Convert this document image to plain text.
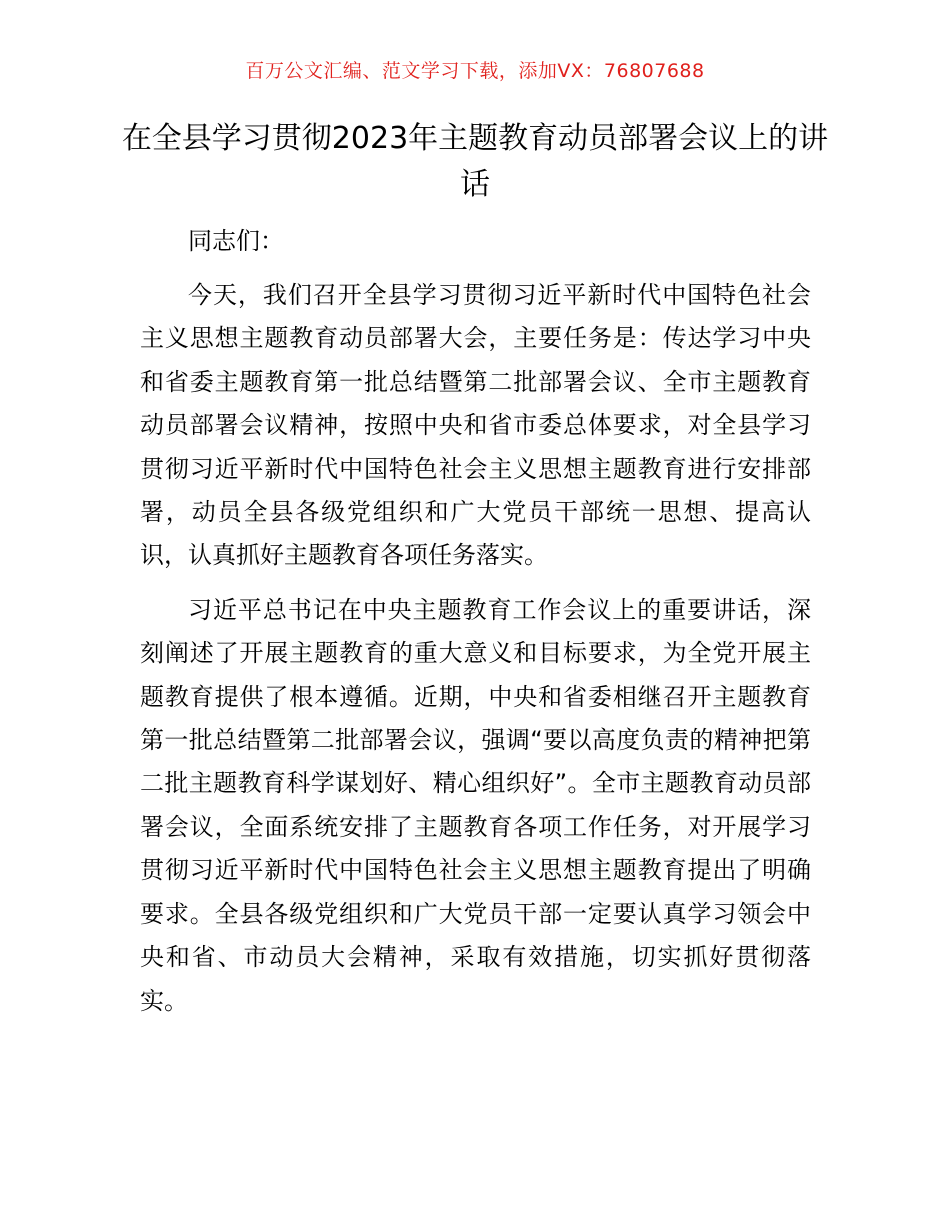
百万公文汇编、范文学习下载，添加VX：76807688
在全县学习贯彻2023年主题教育动员部署会议上的讲话

同志们：

今天，我们召开全县学习贯彻习近平新时代中国特色社会主义思想主题教育动员部署大会，主要任务是：传达学习中央和省委主题教育第一批总结暨第二批部署会议、全市主题教育动员部署会议精神，按照中央和省市委总体要求，对全县学习贯彻习近平新时代中国特色社会主义思想主题教育进行安排部署，动员全县各级党组织和广大党员干部统一思想、提高认识，认真抓好主题教育各项任务落实。

习近平总书记在中央主题教育工作会议上的重要讲话，深刻阐述了开展主题教育的重大意义和目标要求，为全党开展主题教育提供了根本遵循。近期，中央和省委相继召开主题教育第一批总结暨第二批部署会议，强调“要以高度负责的精神把第二批主题教育科学谋划好、精心组织好”。全市主题教育动员部署会议，全面系统安排了主题教育各项工作任务，对开展学习贯彻习近平新时代中国特色社会主义思想主题教育提出了明确要求。全县各级党组织和广大党员干部一定要认真学习领会中央和省、市动员大会精神，采取有效措施，切实抓好贯彻落实。
